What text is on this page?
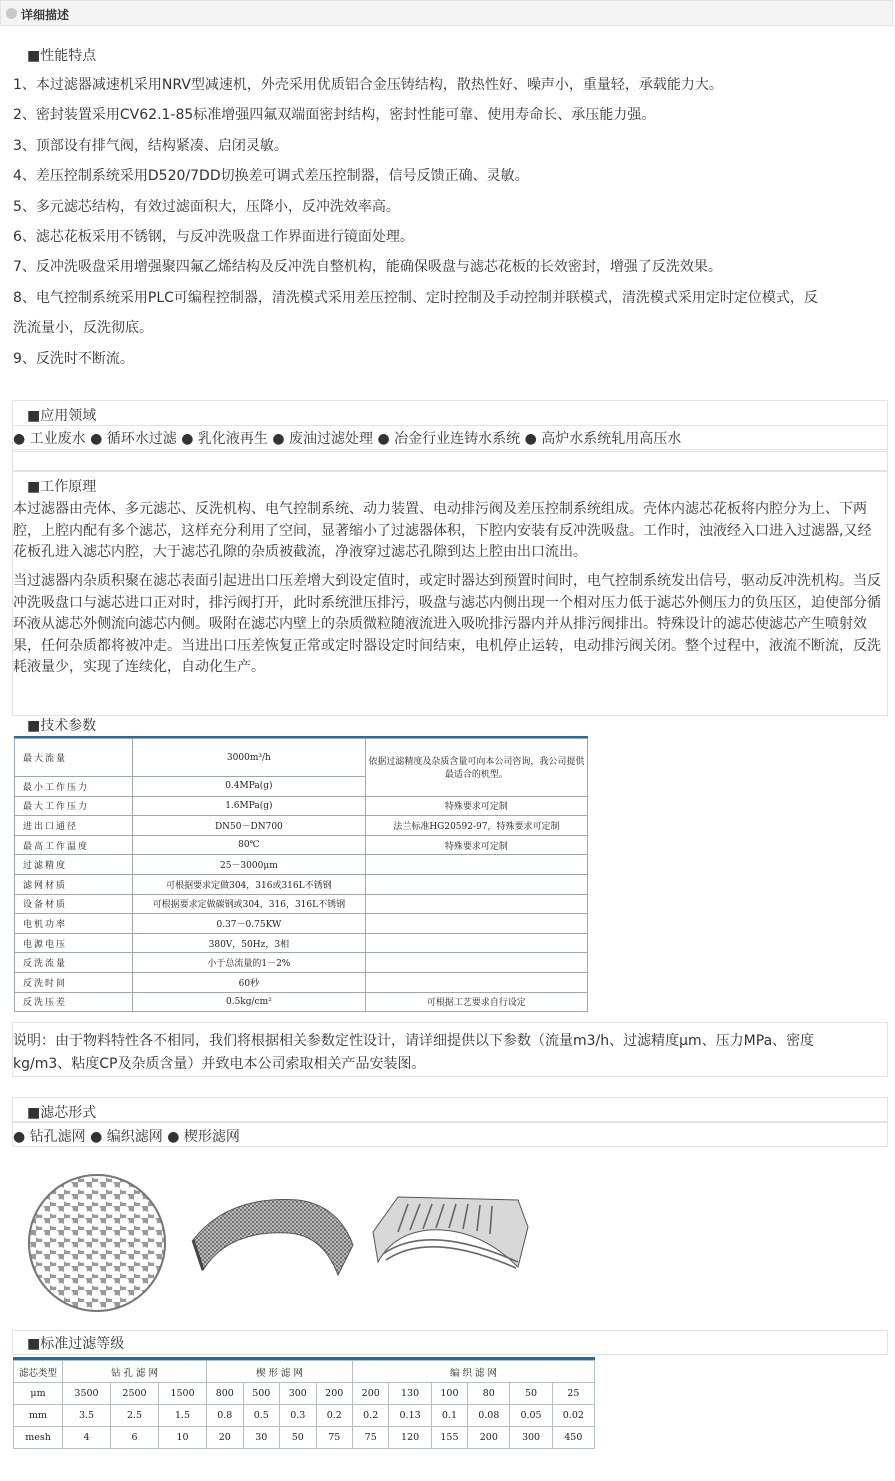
详细描述
■性能特点
1、本过滤器减速机采用NRV型减速机，外壳采用优质铝合金压铸结构，散热性好、噪声小，重量轻，承载能力大。
2、密封装置采用CV62.1-85标准增强四氟双端面密封结构，密封性能可靠、使用寿命长、承压能力强。
3、顶部设有排气阀，结构紧凑、启闭灵敏。
4、差压控制系统采用D520/7DD切换差可调式差压控制器，信号反馈正确、灵敏。
5、多元滤芯结构，有效过滤面积大，压降小，反冲洗效率高。
6、滤芯花板采用不锈钢，与反冲洗吸盘工作界面进行镜面处理。
7、反冲洗吸盘采用增强聚四氟乙烯结构及反冲洗自整机构，能确保吸盘与滤芯花板的长效密封，增强了反洗效果。
8、电气控制系统采用PLC可编程控制器，清洗模式采用差压控制、定时控制及手动控制并联模式，清洗模式采用定时定位模式，反
洗流量小，反洗彻底。
9、反洗时不断流。
■应用领域
● 工业废水 ● 循环水过滤 ● 乳化液再生 ● 废油过滤处理 ● 冶金行业连铸水系统 ● 高炉水系统轧用高压水
■工作原理
本过滤器由壳体、多元滤芯、反洗机构、电气控制系统、动力装置、电动排污阀及差压控制系统组成。壳体内滤芯花板将内腔分为上、下两腔，上腔内配有多个滤芯，这样充分利用了空间，显著缩小了过滤器体积，下腔内安装有反冲洗吸盘。工作时，浊液经入口进入过滤器,又经花板孔进入滤芯内腔，大于滤芯孔隙的杂质被截流，净液穿过滤芯孔隙到达上腔由出口流出。
当过滤器内杂质积聚在滤芯表面引起进出口压差增大到设定值时，或定时器达到预置时间时，电气控制系统发出信号，驱动反冲洗机构。当反冲洗吸盘口与滤芯进口正对时，排污阀打开，此时系统泄压排污，吸盘与滤芯内侧出现一个相对压力低于滤芯外侧压力的负压区，迫使部分循环液从滤芯外侧流向滤芯内侧。吸附在滤芯内壁上的杂质微粒随液流进入吸吮排污器内并从排污阀排出。特殊设计的滤芯使滤芯产生喷射效果，任何杂质都将被冲走。当进出口压差恢复正常或定时器设定时间结束，电机停止运转，电动排污阀关闭。整个过程中，液流不断流，反洗耗液量少，实现了连续化，自动化生产。
■技术参数
最大流量	3000m³/h	依据过滤精度及杂质含量可向本公司咨询，我公司提供最适合的机型。
最小工作压力	0.4MPa(g)	
最大工作压力	1.6MPa(g)	特殊要求可定制
进出口通径	DN50－DN700	法兰标准HG20592-97，特殊要求可定制
最高工作温度	80℃	特殊要求可定制
过滤精度	25－3000μm	
滤网材质	可根据要求定做304，316或316L不锈钢	
设备材质	可根据要求定做碳钢或304，316，316L不锈钢	
电机功率	0.37－0.75KW	
电源电压	380V，50Hz，3相	
反洗流量	小于总流量的1－2%	
反洗时间	60秒	
反洗压差	0.5kg/cm²	可根据工艺要求自行设定
说明：由于物料特性各不相同，我们将根据相关参数定性设计，请详细提供以下参数（流量m3/h、过滤精度μm、压力MPa、密度
kg/m3、粘度CP及杂质含量）并致电本公司索取相关产品安装图。
■滤芯形式
● 钻孔滤网 ● 编织滤网 ● 楔形滤网
■标准过滤等级
滤芯类型	钻 孔 滤 网			楔 形 滤 网				编 织 滤 网					
μm	3500	2500	1500	800	500	300	200	200	130	100	80	50	25
mm	3.5	2.5	1.5	0.8	0.5	0.3	0.2	0.2	0.13	0.1	0.08	0.05	0.02
mesh	4	6	10	20	30	50	75	75	120	155	200	300	450
